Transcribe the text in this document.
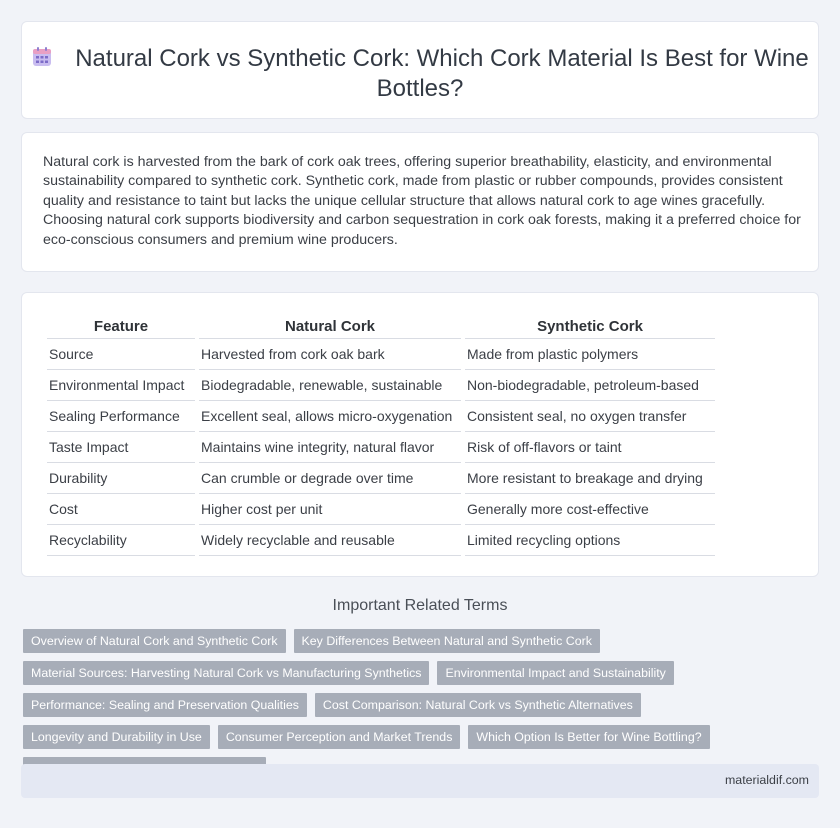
Natural Cork vs Synthetic Cork: Which Cork Material Is Best for Wine Bottles?

Natural cork is harvested from the bark of cork oak trees, offering superior breathability, elasticity, and environmental sustainability compared to synthetic cork. Synthetic cork, made from plastic or rubber compounds, provides consistent quality and resistance to taint but lacks the unique cellular structure that allows natural cork to age wines gracefully. Choosing natural cork supports biodiversity and carbon sequestration in cork oak forests, making it a preferred choice for eco-conscious consumers and premium wine producers.

Feature	Natural Cork	Synthetic Cork
Source	Harvested from cork oak bark	Made from plastic polymers
Environmental Impact	Biodegradable, renewable, sustainable	Non-biodegradable, petroleum-based
Sealing Performance	Excellent seal, allows micro-oxygenation	Consistent seal, no oxygen transfer
Taste Impact	Maintains wine integrity, natural flavor	Risk of off-flavors or taint
Durability	Can crumble or degrade over time	More resistant to breakage and drying
Cost	Higher cost per unit	Generally more cost-effective
Recyclability	Widely recyclable and reusable	Limited recycling options
Important Related Terms
Overview of Natural Cork and Synthetic Cork	Key Differences Between Natural and Synthetic Cork
Material Sources: Harvesting Natural Cork vs Manufacturing Synthetics	Environmental Impact and Sustainability
Performance: Sealing and Preservation Qualities	Cost Comparison: Natural Cork vs Synthetic Alternatives
Longevity and Durability in Use	Consumer Perception and Market Trends	Which Option Is Better for Wine Bottling?
materialdif.com
